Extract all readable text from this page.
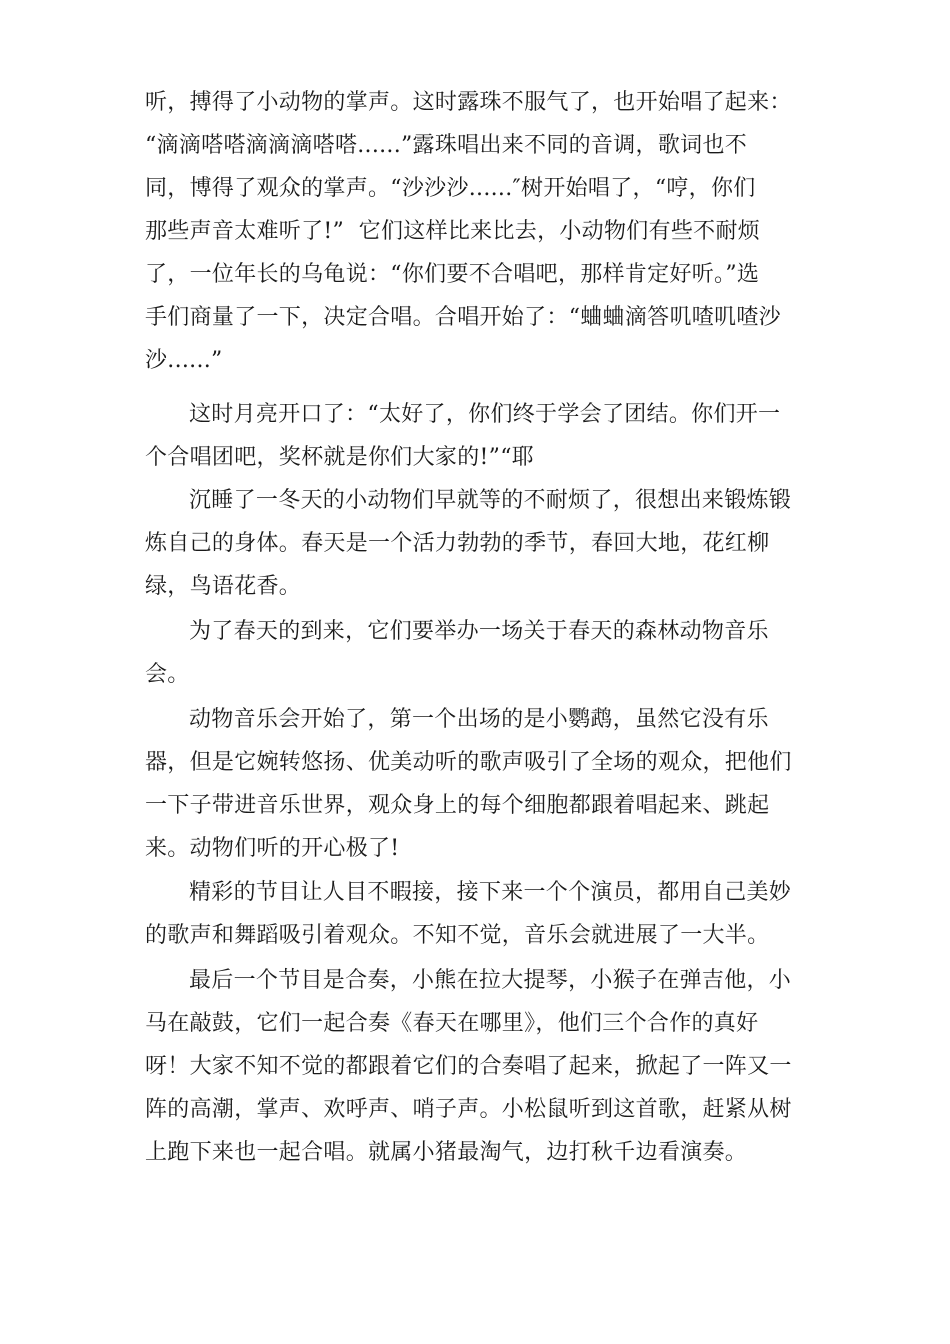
听，搏得了小动物的掌声。这时露珠不服气了，也开始唱了起来：
“滴滴嗒嗒滴滴滴嗒嗒......”露珠唱出来不同的音调，歌词也不
同，博得了观众的掌声。“沙沙沙......″树开始唱了，“哼，你们
那些声音太难听了!”  它们这样比来比去，小动物们有些不耐烦
了，一位年长的乌龟说：“你们要不合唱吧，那样肯定好听。”选
手们商量了一下，决定合唱。合唱开始了：“蛐蛐滴答叽喳叽喳沙
沙......”
这时月亮开口了：“太好了，你们终于学会了团结。你们开一
个合唱团吧，奖杯就是你们大家的!”“耶
沉睡了一冬天的小动物们早就等的不耐烦了，很想出来锻炼锻
炼自己的身体。春天是一个活力勃勃的季节，春回大地，花红柳
绿，鸟语花香。
为了春天的到来，它们要举办一场关于春天的森林动物音乐
会。
动物音乐会开始了，第一个出场的是小鹦鹉，虽然它没有乐
器，但是它婉转悠扬、优美动听的歌声吸引了全场的观众，把他们
一下子带进音乐世界，观众身上的每个细胞都跟着唱起来、跳起
来。动物们听的开心极了!
精彩的节目让人目不暇接，接下来一个个演员，都用自己美妙
的歌声和舞蹈吸引着观众。不知不觉，音乐会就进展了一大半。
最后一个节目是合奏，小熊在拉大提琴，小猴子在弹吉他，小
马在敲鼓，它们一起合奏《春天在哪里》，他们三个合作的真好
呀！大家不知不觉的都跟着它们的合奏唱了起来，掀起了一阵又一
阵的高潮，掌声、欢呼声、哨子声。小松鼠听到这首歌，赶紧从树
上跑下来也一起合唱。就属小猪最淘气，边打秋千边看演奏。
